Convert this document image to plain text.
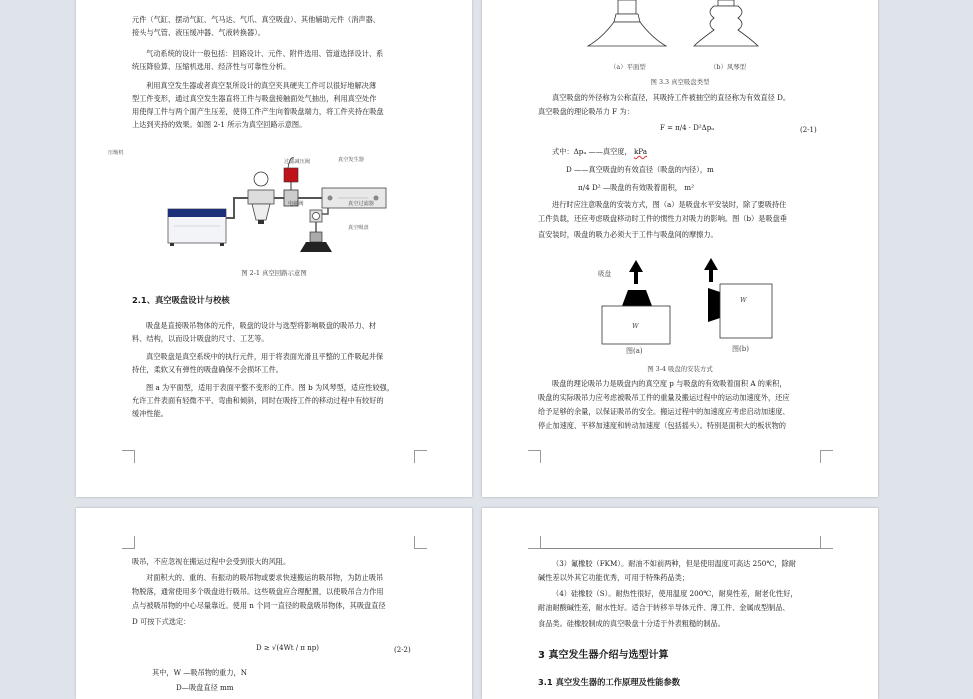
元件（气缸、摆动气缸、气马达、气爪、真空吸盘）、其他辅助元件（消声器、
接头与气管、液压缓冲器、气液转换器）。
气动系统的设计一般包括：回路设计、元件、附件选用、管道选择设计、系
统压降验算、压缩机选用、经济性与可靠性分析。
利用真空发生器或者真空泵所设计的真空夹具硬夹工件可以很好地解决薄
型工件变形，通过真空发生器直将工件与吸盘接触面处气抽出，利用真空处作
用使得工件与两个面产生压差，使得工件产生向着吸盘端力，将工件夹持在吸盘
上达到夹持的效果。如图 2-1 所示为真空回路示意图。
压缩机
过滤减压阀
电磁阀
真空发生器
真空过滤器
真空吸盘
图 2-1 真空回路示意图
2.1、真空吸盘设计与校核
吸盘是直接吸吊物体的元件，吸盘的设计与选型将影响吸盘的吸吊力、材
料、结构，以而设计吸盘的尺寸、工艺等。
真空吸盘是真空系统中的执行元件，用于将表面光滑且平整的工件吸起并保
持住，柔软又有弹性的吸盘确保不会损坏工件。
图 a 为平面型，适用于表面平整不变形的工件。图 b 为风琴型，适应性较强，
允许工件表面有轻微不平、弯曲和倾斜，同时在吸持工件的移动过程中有较好的
缓冲性能。
（a）平面型	（b）风琴型
图 3.3 真空吸盘类型
真空吸盘的外径称为公称直径，其吸持工件被抽空的直径称为有效直径 D。
真空吸盘的理论吸吊力 F 为：
F = π/4 · D²Δpᵤ	(2-1)
式中：Δpᵤ ——真空度， kPa
D ——真空吸盘的有效直径（吸盘的内径），m
π/4 D² —吸盘的有效吸着面积， m²
进行时应注意吸盘的安装方式，图（a）是吸盘水平安装时，除了要吸持住
工件负载，还应考虑吸盘移动时工件的惯性力对吸力的影响。图（b）是吸盘垂
直安装时，吸盘的吸力必须大于工件与吸盘间的摩擦力。
吸盘
W
W
图(a)	图(b)
图 3-4 吸盘的安装方式
吸盘的理论吸吊力是吸盘内的真空度 p 与吸盘的有效吸着面积 A 的乘积，
吸盘的实际吸吊力应考虑被吸吊工件的重量及搬运过程中的运动加速度外，还应
给予足够的余量，以保证吸吊的安全。搬运过程中的加速度应考虑启动加速度、
停止加速度、平移加速度和转动加速度（包括摇头）。特别是面积大的板状物的
吸吊，不应忽视在搬运过程中会受到很大的风阻。
对面积大的、重的、有振动的吸吊物或要求快速搬运的吸吊物，为防止吸吊
物脱落，通常使用多个吸盘进行吸吊。这些吸盘应合理配置，以使吸吊合力作用
点与被吸吊物的中心尽量靠近。使用 n 个同一直径的吸盘吸吊物体，其吸盘直径
D 可按下式选定：
D ≥ √(4Wt / π np)	(2-2)
其中，W —吸吊物的重力，N
D—吸盘直径 mm
（3）氟橡胶（FKM）。耐油不如前两种，但是使用温度可高达 250℃，除耐
碱性差以外其它功能优秀，可用于特殊药品类；
（4）硅橡胶（S）。耐热性很好，使用温度 200℃，耐臭性差，耐老化性好，
耐油耐酸碱性差，耐水性好。适合于转移半导体元件、薄工件、金属成型制品、
食品类。硅橡胶制成的真空吸盘十分适于外表粗糙的制品。
3 真空发生器介绍与选型计算
3.1 真空发生器的工作原理及性能参数
